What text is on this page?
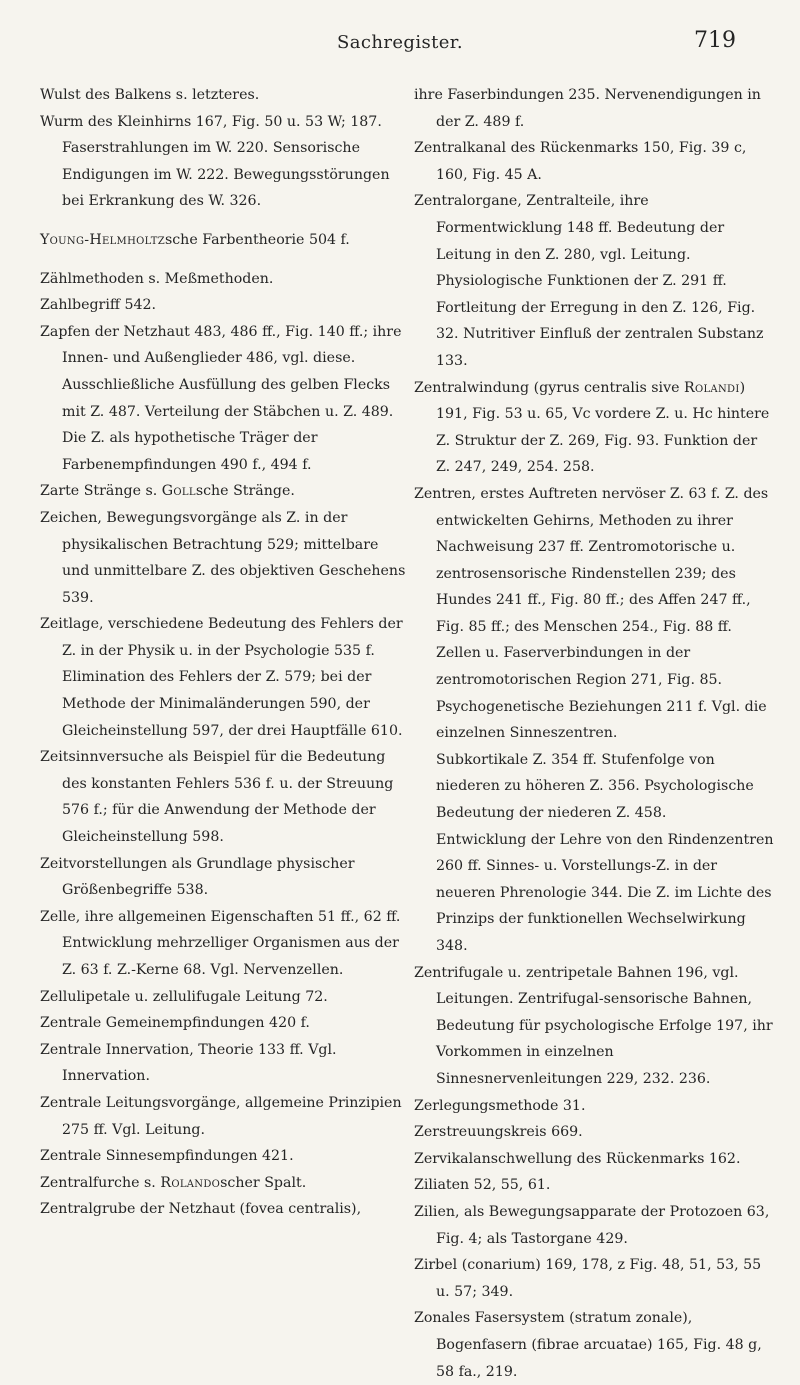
Sachregister.	719

Wulst des Balkens s. letzteres.

Wurm des Kleinhirns 167, Fig. 50 u. 53 W; 187. Faserstrahlungen im W. 220. Sensorische Endigungen im W. 222. Bewegungsstörungen bei Erkrankung des W. 326.

Young-Helmholtzsche Farbentheorie 504 f.

Zählmethoden s. Meßmethoden.

Zahlbegriff 542.

Zapfen der Netzhaut 483, 486 ff., Fig. 140 ff.; ihre Innen- und Außenglieder 486, vgl. diese. Ausschließliche Ausfüllung des gelben Flecks mit Z. 487. Verteilung der Stäbchen u. Z. 489. Die Z. als hypothetische Träger der Farbenempfindungen 490 f., 494 f.

Zarte Stränge s. Gollsche Stränge.

Zeichen, Bewegungsvorgänge als Z. in der physikalischen Betrachtung 529; mittelbare und unmittelbare Z. des objektiven Geschehens 539.

Zeitlage, verschiedene Bedeutung des Fehlers der Z. in der Physik u. in der Psychologie 535 f. Elimination des Fehlers der Z. 579; bei der Methode der Minimaländerungen 590, der Gleicheinstellung 597, der drei Hauptfälle 610.

Zeitsinnversuche als Beispiel für die Bedeutung des konstanten Fehlers 536 f. u. der Streuung 576 f.; für die Anwendung der Methode der Gleicheinstellung 598.

Zeitvorstellungen als Grundlage physischer Größenbegriffe 538.

Zelle, ihre allgemeinen Eigenschaften 51 ff., 62 ff. Entwicklung mehrzelliger Organismen aus der Z. 63 f. Z.-Kerne 68. Vgl. Nervenzellen.

Zellulipetale u. zellulifugale Leitung 72.

Zentrale Gemeinempfindungen 420 f.

Zentrale Innervation, Theorie 133 ff. Vgl. Innervation.

Zentrale Leitungsvorgänge, allgemeine Prinzipien 275 ff. Vgl. Leitung.

Zentrale Sinnesempfindungen 421.

Zentralfurche s. Rolandoscher Spalt.

Zentralgrube der Netzhaut (fovea centralis),

ihre Faserbindungen 235. Nervenendigungen in der Z. 489 f.

Zentralkanal des Rückenmarks 150, Fig. 39 c, 160, Fig. 45 A.

Zentralorgane, Zentralteile, ihre Formentwicklung 148 ff. Bedeutung der Leitung in den Z. 280, vgl. Leitung. Physiologische Funktionen der Z. 291 ff.

Fortleitung der Erregung in den Z. 126, Fig. 32. Nutritiver Einfluß der zentralen Substanz 133.

Zentralwindung (gyrus centralis sive Rolandi) 191, Fig. 53 u. 65, Vc vordere Z. u. Hc hintere Z. Struktur der Z. 269, Fig. 93. Funktion der Z. 247, 249, 254. 258.

Zentren, erstes Auftreten nervöser Z. 63 f. Z. des entwickelten Gehirns, Methoden zu ihrer Nachweisung 237 ff. Zentromotorische u. zentrosensorische Rindenstellen 239; des Hundes 241 ff., Fig. 80 ff.; des Affen 247 ff., Fig. 85 ff.; des Menschen 254., Fig. 88 ff. Zellen u. Faserverbindungen in der zentromotorischen Region 271, Fig. 85. Psychogenetische Beziehungen 211 f. Vgl. die einzelnen Sinneszentren.

Subkortikale Z. 354 ff. Stufenfolge von niederen zu höheren Z. 356. Psychologische Bedeutung der niederen Z. 458.

Entwicklung der Lehre von den Rindenzentren 260 ff. Sinnes- u. Vorstellungs-Z. in der neueren Phrenologie 344. Die Z. im Lichte des Prinzips der funktionellen Wechselwirkung 348.

Zentrifugale u. zentripetale Bahnen 196, vgl. Leitungen. Zentrifugal-sensorische Bahnen, Bedeutung für psychologische Erfolge 197, ihr Vorkommen in einzelnen Sinnesnervenleitungen 229, 232. 236.

Zerlegungsmethode 31.

Zerstreuungskreis 669.

Zervikalanschwellung des Rückenmarks 162.

Ziliaten 52, 55, 61.

Zilien, als Bewegungsapparate der Protozoen 63, Fig. 4; als Tastorgane 429.

Zirbel (conarium) 169, 178, z Fig. 48, 51, 53, 55 u. 57; 349.

Zonales Fasersystem (stratum zonale), Bogenfasern (fibrae arcuatae) 165, Fig. 48 g, 58 fa., 219.
